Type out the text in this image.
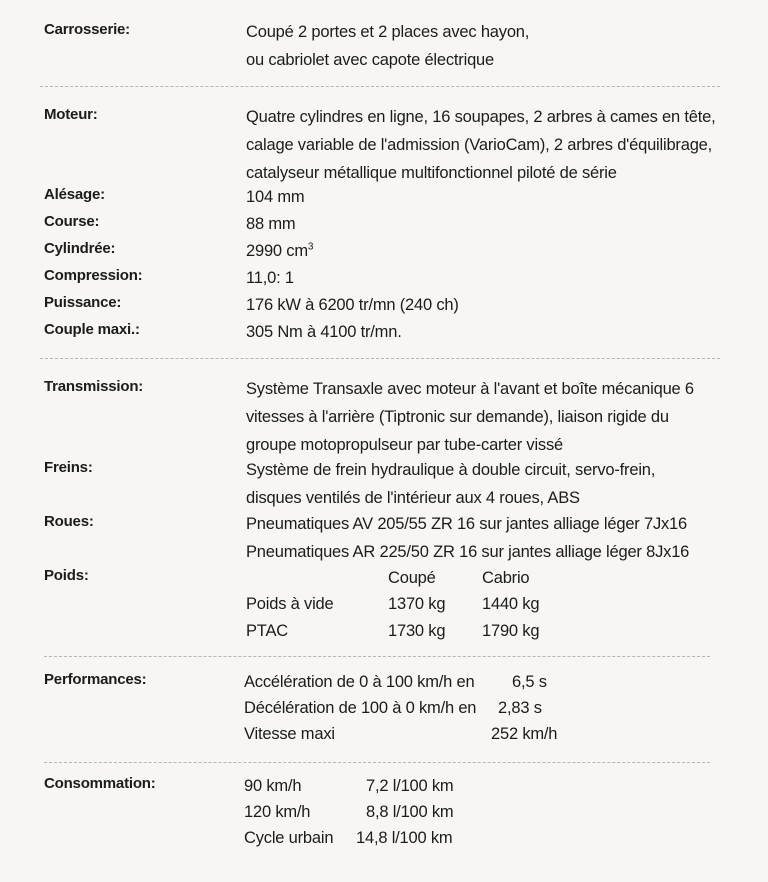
Carrosserie:	Coupé 2 portes et 2 places avec hayon,
ou cabriolet avec capote électrique
Moteur:	Quatre cylindres en ligne, 16 soupapes, 2 arbres à cames en tête,
calage variable de l'admission (VarioCam), 2 arbres d'équilibrage,
catalyseur métallique multifonctionnel piloté de série
Alésage:	104 mm
Course:	88 mm
Cylindrée:	2990 $cm^3$
Compression:	11,0: 1
Puissance:	176 kW à 6200 tr/mn (240 ch)
Couple maxi.:	305 Nm à 4100 tr/mn.
Transmission:	Système Transaxle avec moteur à l'avant et boîte mécanique 6
vitesses à l'arrière (Tiptronic sur demande), liaison rigide du
groupe motopropulseur par tube-carter vissé
Freins:	Système de frein hydraulique à double circuit, servo-frein,
disques ventilés de l'intérieur aux 4 roues, ABS
Roues:	Pneumatiques AV 205/55 ZR 16 sur jantes alliage léger 7Jx16
Pneumatiques AR 225/50 ZR 16 sur jantes alliage léger 8Jx16
Poids:	Coupé	Cabrio
Poids à vide	1370 kg 1440 kg
PTAC	1730 kg 1790 kg
Performances:	Accélération de 0 à 100 km/h en 6,5 s
Décélération de 100 à 0 km/h en 2,83 s
Vitesse maxi	252 km/h
Consommation:	90 km/h	7,2 l/100 km
120 km/h	8,8 l/100 km
Cycle urbain 14,8 l/100 km
